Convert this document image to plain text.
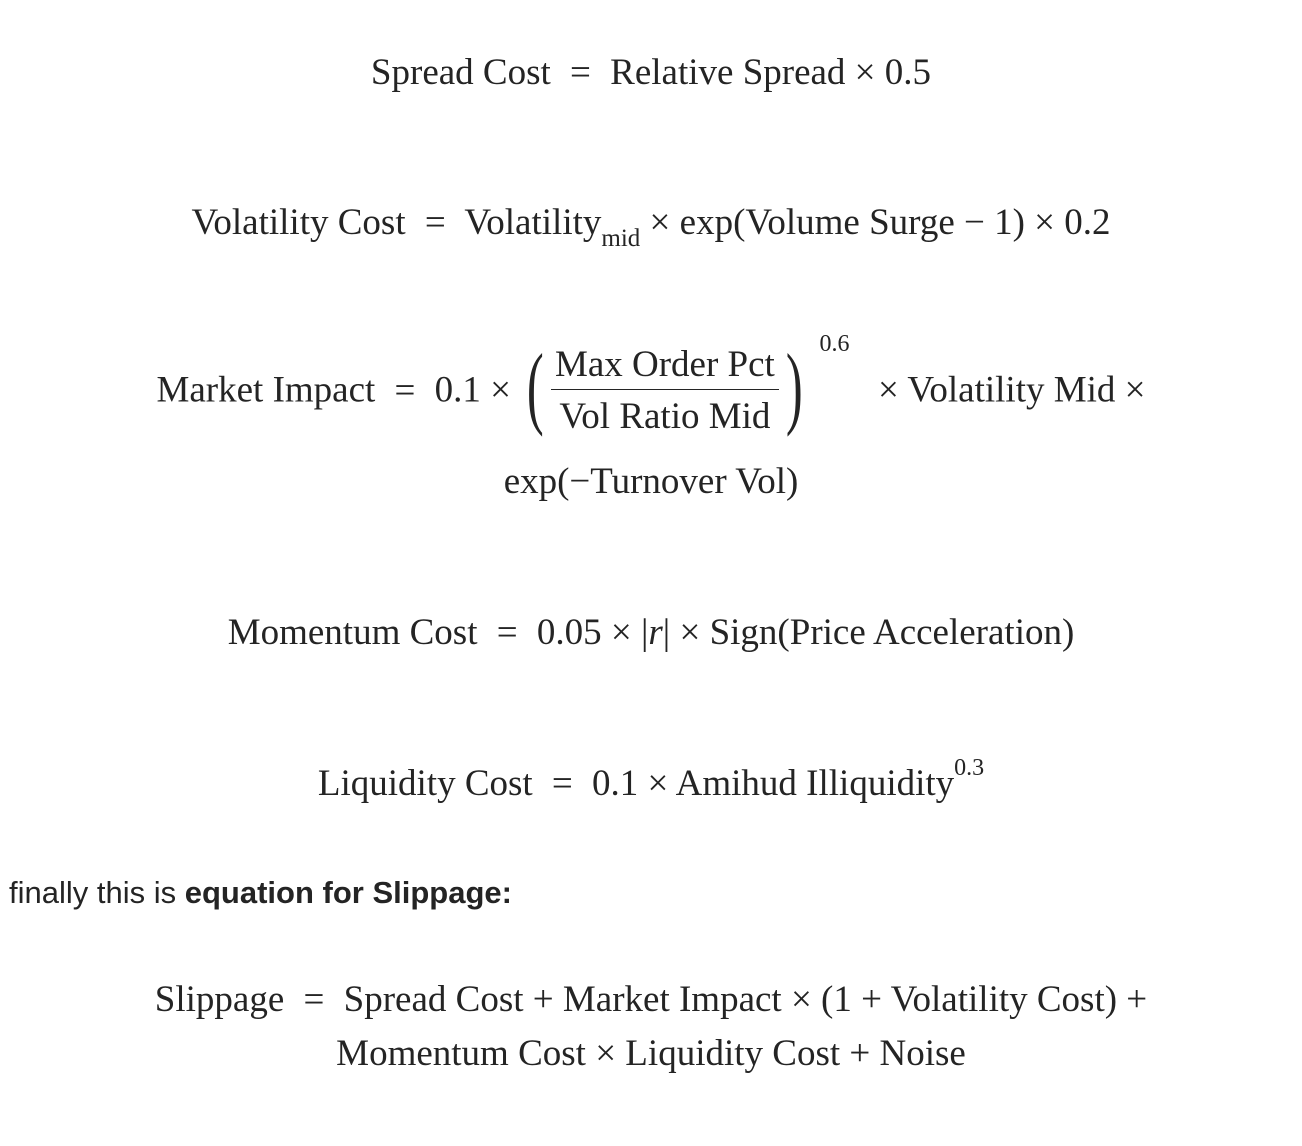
Spread Cost = Relative Spread × 0.5
Volatility Cost = Volatility$_{mid}$ × exp(Volume Surge − 1) × 0.2
Market Impact = 0.1 × ( $\frac{\text{Max Order Pct}}{\text{Vol Ratio Mid}}$ ) 0.6
× Volatility Mid ×
exp(−Turnover Vol)
Momentum Cost = 0.05 × |r| × Sign(Price Acceleration)
Liquidity Cost = 0.1 × Amihud Illiquidity$^{0.3}$
finally this is equation for Slippage:
Slippage = Spread Cost + Market Impact × (1 + Volatility Cost) +
Momentum Cost × Liquidity Cost + Noise
